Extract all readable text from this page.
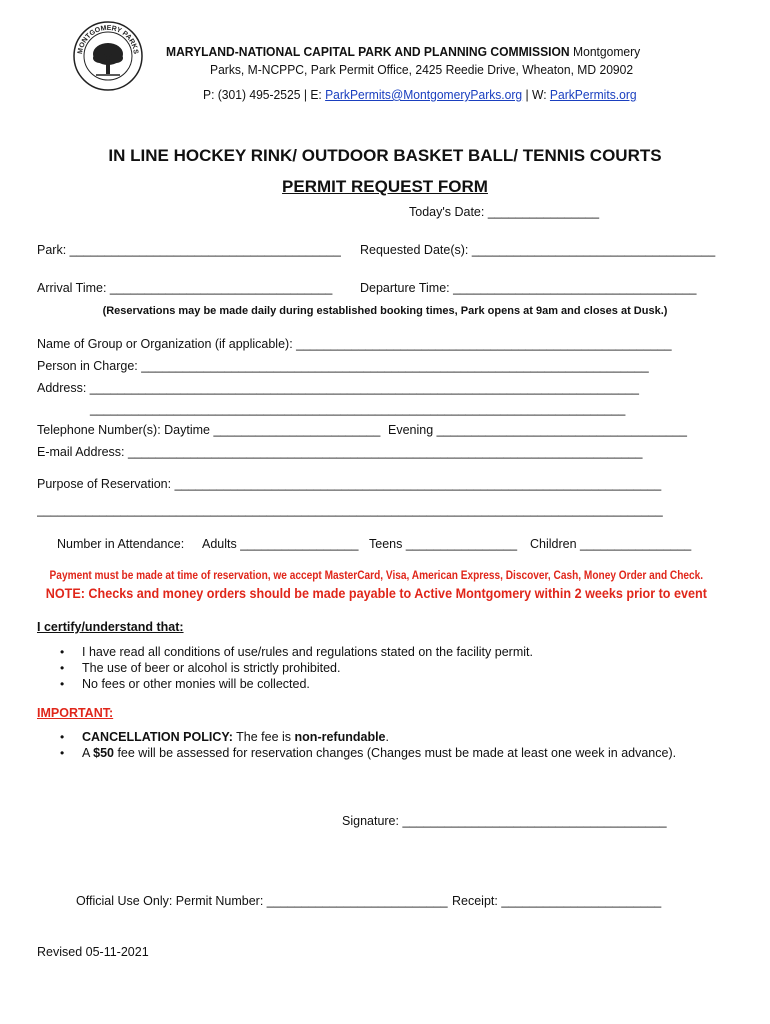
MONTGOMERY PARKS MARYLAND-NATIONAL CAPITAL PARK AND PLANNING COMMISSION Montgomery
Parks, M-NCPPC, Park Permit Office, 2425 Reedie Drive, Wheaton, MD 20902
P: (301) 495-2525 | E: ParkPermits@MontgomeryParks.org | W: ParkPermits.org
IN LINE HOCKEY RINK/ OUTDOOR BASKET BALL/ TENNIS COURTS
PERMIT REQUEST FORM
Today's Date: ________________
Park: _______________________________________ Requested Date(s): ___________________________________
Arrival Time: ________________________________ Departure Time: ___________________________________
(Reservations may be made daily during established booking times, Park opens at 9am and closes at Dusk.)
Name of Group or Organization (if applicable): ______________________________________________________
Person in Charge: _________________________________________________________________________
Address: _______________________________________________________________________________
_____________________________________________________________________________
Telephone Number(s): Daytime ________________________ Evening ____________________________________
E-mail Address: __________________________________________________________________________
Purpose of Reservation: ______________________________________________________________________
__________________________________________________________________________________________
Number in Attendance: Adults _________________ Teens ________________ Children ________________
Payment must be made at time of reservation, we accept MasterCard, Visa, American Express, Discover, Cash, Money Order and Check.
NOTE: Checks and money orders should be made payable to Active Montgomery within 2 weeks prior to event
I certify/understand that:
• I have read all conditions of use/rules and regulations stated on the facility permit.
• The use of beer or alcohol is strictly prohibited.
• No fees or other monies will be collected.
IMPORTANT:
• CANCELLATION POLICY: The fee is non-refundable.
• A $50 fee will be assessed for reservation changes (Changes must be made at least one week in advance).
Signature: ______________________________________
Official Use Only: Permit Number: __________________________ Receipt: _______________________
Revised 05-11-2021
